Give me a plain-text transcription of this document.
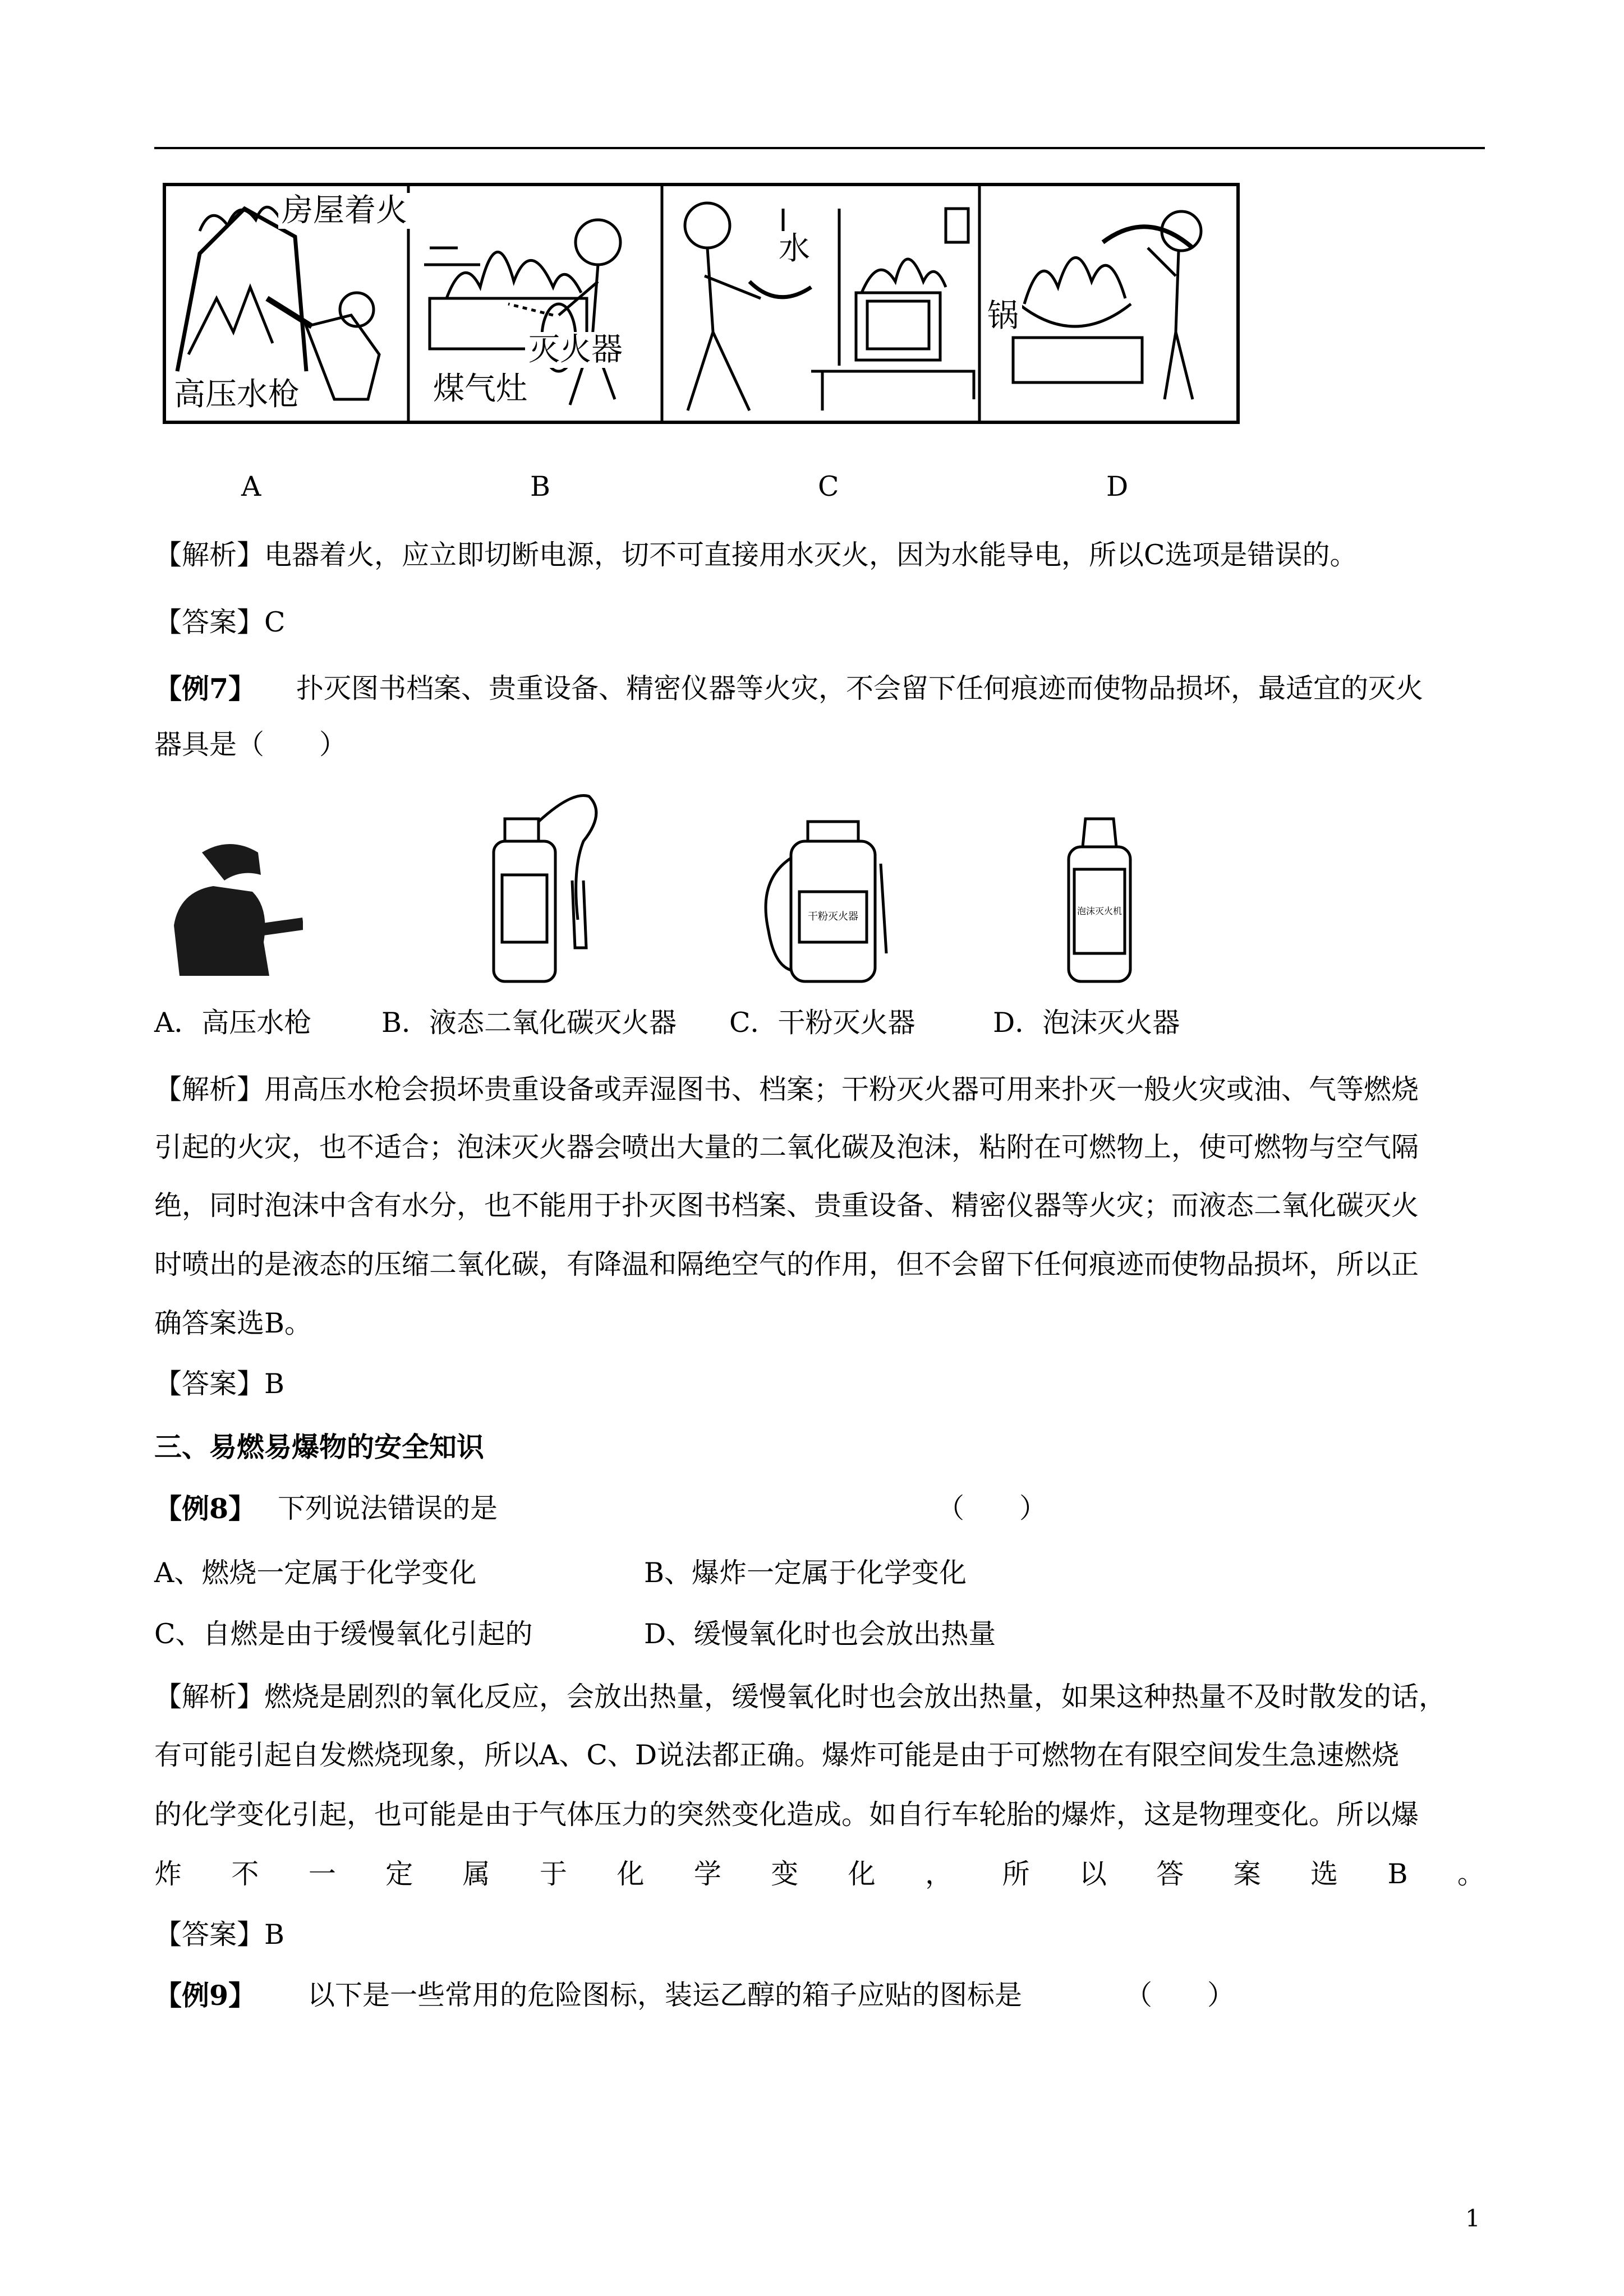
房屋着火
高压水枪	煤气灶
灭火器
水
锅
A	B	C	D
【解析】电器着火，应立即切断电源，切不可直接用水灭火，因为水能导电，所以C选项是错误的。
【答案】C
【例7】 扑灭图书档案、贵重设备、精密仪器等火灾，不会留下任何痕迹而使物品损坏，最适宜的灭火
器具是（　　）
干粉灭火器	泡沫灭火机
A．高压水枪	B．液态二氧化碳灭火器 C．干粉灭火器	D．泡沫灭火器
【解析】用高压水枪会损坏贵重设备或弄湿图书、档案；干粉灭火器可用来扑灭一般火灾或油、气等燃烧
引起的火灾，也不适合；泡沫灭火器会喷出大量的二氧化碳及泡沫，粘附在可燃物上，使可燃物与空气隔
绝，同时泡沫中含有水分，也不能用于扑灭图书档案、贵重设备、精密仪器等火灾；而液态二氧化碳灭火
时喷出的是液态的压缩二氧化碳，有降温和隔绝空气的作用，但不会留下任何痕迹而使物品损坏，所以正
确答案选B。
【答案】B
三、易燃易爆物的安全知识
【例8】 下列说法错误的是	（　　）
A、燃烧一定属于化学变化	B、爆炸一定属于化学变化
C、自燃是由于缓慢氧化引起的	D、缓慢氧化时也会放出热量
【解析】燃烧是剧烈的氧化反应，会放出热量，缓慢氧化时也会放出热量，如果这种热量不及时散发的话，
有可能引起自发燃烧现象，所以A、C、D说法都正确。爆炸可能是由于可燃物在有限空间发生急速燃烧
的化学变化引起，也可能是由于气体压力的突然变化造成。如自行车轮胎的爆炸，这是物理变化。所以爆
炸 不 一 定 属 于 化 学 变 化 ， 所 以 答 案 选 B 。
【答案】B
【例9】 以下是一些常用的危险图标，装运乙醇的箱子应贴的图标是	（　　）
1
